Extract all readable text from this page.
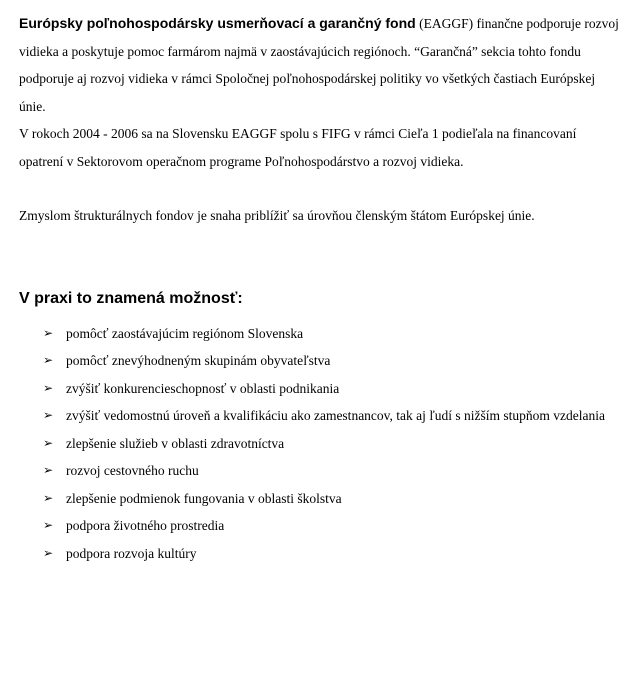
Európsky poľnohospodársky usmerňovací a garančný fond (EAGGF) finančne podporuje rozvoj vidieka a poskytuje pomoc farmárom najmä v zaostávajúcich regiónoch. “Garančná” sekcia tohto fondu podporuje aj rozvoj vidieka v rámci Spoločnej poľnohospodárskej politiky vo všetkých častiach Európskej únie.

V rokoch 2004 - 2006 sa na Slovensku EAGGF spolu s FIFG v rámci Cieľa 1 podieľala na financovaní opatrení v Sektorovom operačnom programe Poľnohospodárstvo a rozvoj vidieka.

Zmyslom štrukturálnych fondov je snaha priblížiť sa úrovňou členským štátom Európskej únie.

V praxi to znamená možnosť:
➢ pomôcť zaostávajúcim regiónom Slovenska
➢ pomôcť znevýhodneným skupinám obyvateľstva
➢ zvýšiť konkurencieschopnosť v oblasti podnikania
➢ zvýšiť vedomostnú úroveň a kvalifikáciu ako zamestnancov, tak aj ľudí s nižším stupňom vzdelania
➢ zlepšenie služieb v oblasti zdravotníctva
➢ rozvoj cestovného ruchu
➢ zlepšenie podmienok fungovania v oblasti školstva
➢ podpora životného prostredia
➢ podpora rozvoja kultúry
